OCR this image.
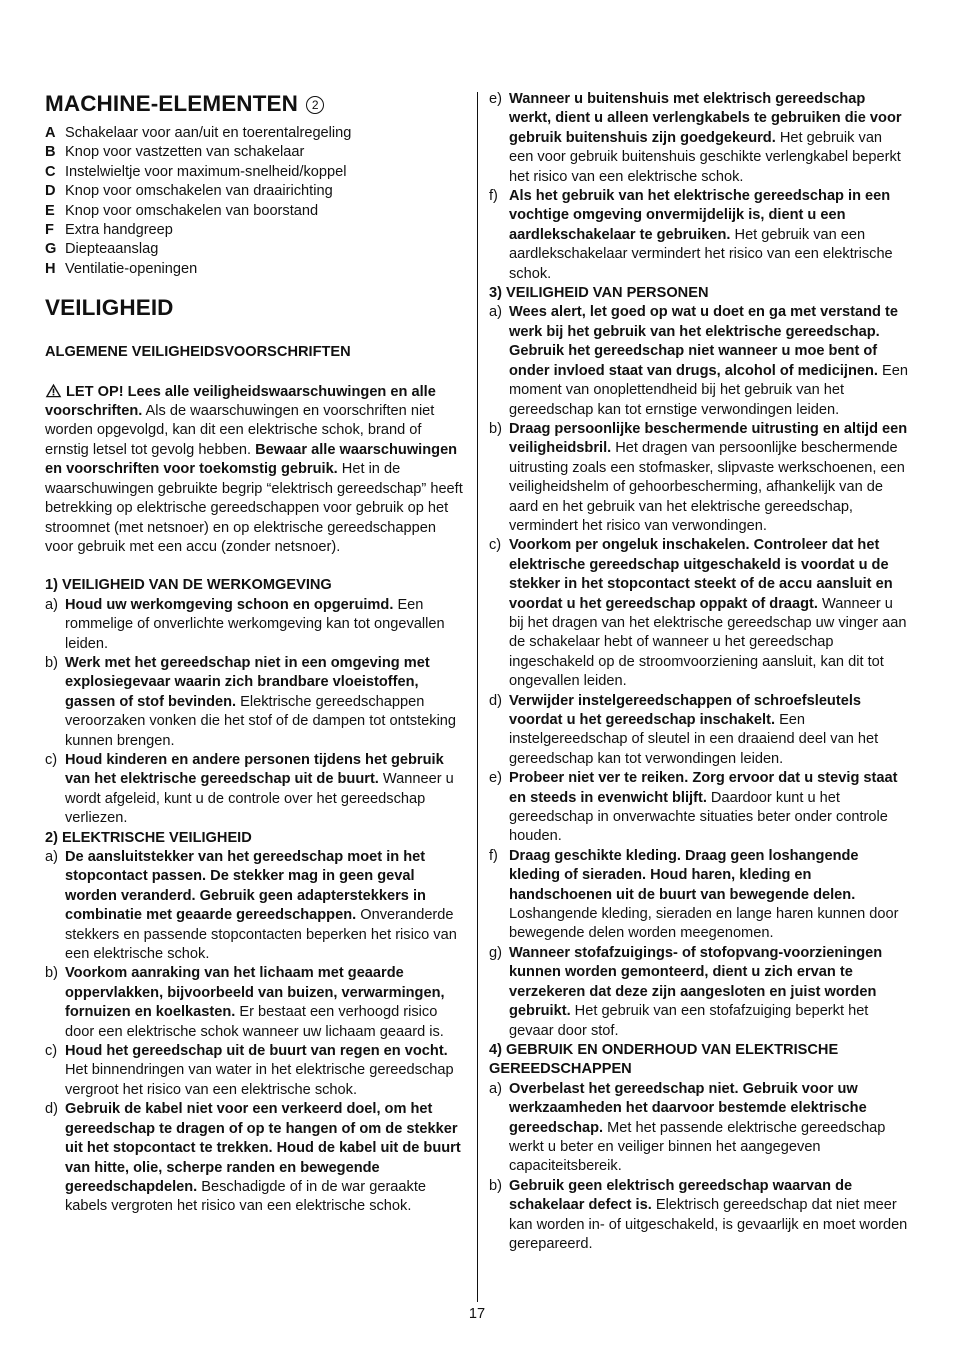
MACHINE-ELEMENTEN 2
A Schakelaar voor aan/uit en toerentalregeling
B Knop voor vastzetten van schakelaar
C Instelwieltje voor maximum-snelheid/koppel
D Knop voor omschakelen van draairichting
E Knop voor omschakelen van boorstand
F Extra handgreep
G Diepteaanslag
H Ventilatie-openingen
VEILIGHEID
ALGEMENE VEILIGHEIDSVOORSCHRIFTEN

LET OP! Lees alle veiligheidswaarschuwingen en alle voorschriften. Als de waarschuwingen en voorschriften niet worden opgevolgd, kan dit een elektrische schok, brand of ernstig letsel tot gevolg hebben. Bewaar alle waarschuwingen en voorschriften voor toekomstig gebruik. Het in de waarschuwingen gebruikte begrip “elektrisch gereedschap” heeft betrekking op elektrische gereedschappen voor gebruik op het stroomnet (met netsnoer) en op elektrische gereedschappen voor gebruik met een accu (zonder netsnoer).

1) VEILIGHEID VAN DE WERKOMGEVING
a) Houd uw werkomgeving schoon en opgeruimd. Een rommelige of onverlichte werkomgeving kan tot ongevallen leiden.
b) Werk met het gereedschap niet in een omgeving met explosiegevaar waarin zich brandbare vloeistoffen, gassen of stof bevinden. Elektrische gereedschappen veroorzaken vonken die het stof of de dampen tot ontsteking kunnen brengen.
c) Houd kinderen en andere personen tijdens het gebruik van het elektrische gereedschap uit de buurt. Wanneer u wordt afgeleid, kunt u de controle over het gereedschap verliezen.
2) ELEKTRISCHE VEILIGHEID
a) De aansluitstekker van het gereedschap moet in het stopcontact passen. De stekker mag in geen geval worden veranderd. Gebruik geen adapterstekkers in combinatie met geaarde gereedschappen. Onveranderde stekkers en passende stopcontacten beperken het risico van een elektrische schok.
b) Voorkom aanraking van het lichaam met geaarde oppervlakken, bijvoorbeeld van buizen, verwarmingen, fornuizen en koelkasten. Er bestaat een verhoogd risico door een elektrische schok wanneer uw lichaam geaard is.
c) Houd het gereedschap uit de buurt van regen en vocht. Het binnendringen van water in het elektrische gereedschap vergroot het risico van een elektrische schok.
d) Gebruik de kabel niet voor een verkeerd doel, om het gereedschap te dragen of op te hangen of om de stekker uit het stopcontact te trekken. Houd de kabel uit de buurt van hitte, olie, scherpe randen en bewegende gereedschapdelen. Beschadigde of in de war geraakte kabels vergroten het risico van een elektrische schok.
e) Wanneer u buitenshuis met elektrisch gereedschap werkt, dient u alleen verlengkabels te gebruiken die voor gebruik buitenshuis zijn goedgekeurd. Het gebruik van een voor gebruik buitenshuis geschikte verlengkabel beperkt het risico van een elektrische schok.
f) Als het gebruik van het elektrische gereedschap in een vochtige omgeving onvermijdelijk is, dient u een aardlekschakelaar te gebruiken. Het gebruik van een aardlekschakelaar vermindert het risico van een elektrische schok.
3) VEILIGHEID VAN PERSONEN
a) Wees alert, let goed op wat u doet en ga met verstand te werk bij het gebruik van het elektrische gereedschap. Gebruik het gereedschap niet wanneer u moe bent of onder invloed staat van drugs, alcohol of medicijnen. Een moment van onoplettendheid bij het gebruik van het gereedschap kan tot ernstige verwondingen leiden.
b) Draag persoonlijke beschermende uitrusting en altijd een veiligheidsbril. Het dragen van persoonlijke beschermende uitrusting zoals een stofmasker, slipvaste werkschoenen, een veiligheidshelm of gehoorbescherming, afhankelijk van de aard en het gebruik van het elektrische gereedschap, vermindert het risico van verwondingen.
c) Voorkom per ongeluk inschakelen. Controleer dat het elektrische gereedschap uitgeschakeld is voordat u de stekker in het stopcontact steekt of de accu aansluit en voordat u het gereedschap oppakt of draagt. Wanneer u bij het dragen van het elektrische gereedschap uw vinger aan de schakelaar hebt of wanneer u het gereedschap ingeschakeld op de stroomvoorziening aansluit, kan dit tot ongevallen leiden.
d) Verwijder instelgereedschappen of schroefsleutels voordat u het gereedschap inschakelt. Een instelgereedschap of sleutel in een draaiend deel van het gereedschap kan tot verwondingen leiden.
e) Probeer niet ver te reiken. Zorg ervoor dat u stevig staat en steeds in evenwicht blijft. Daardoor kunt u het gereedschap in onverwachte situaties beter onder controle houden.
f) Draag geschikte kleding. Draag geen loshangende kleding of sieraden. Houd haren, kleding en handschoenen uit de buurt van bewegende delen. Loshangende kleding, sieraden en lange haren kunnen door bewegende delen worden meegenomen.
g) Wanneer stofafzuigings- of stofopvang-voorzieningen kunnen worden gemonteerd, dient u zich ervan te verzekeren dat deze zijn aangesloten en juist worden gebruikt. Het gebruik van een stofafzuiging beperkt het gevaar door stof.
4) GEBRUIK EN ONDERHOUD VAN ELEKTRISCHE GEREEDSCHAPPEN
a) Overbelast het gereedschap niet. Gebruik voor uw werkzaamheden het daarvoor bestemde elektrische gereedschap. Met het passende elektrische gereedschap werkt u beter en veiliger binnen het aangegeven capaciteitsbereik.
b) Gebruik geen elektrisch gereedschap waarvan de schakelaar defect is. Elektrisch gereedschap dat niet meer kan worden in- of uitgeschakeld, is gevaarlijk en moet worden gerepareerd.
17
